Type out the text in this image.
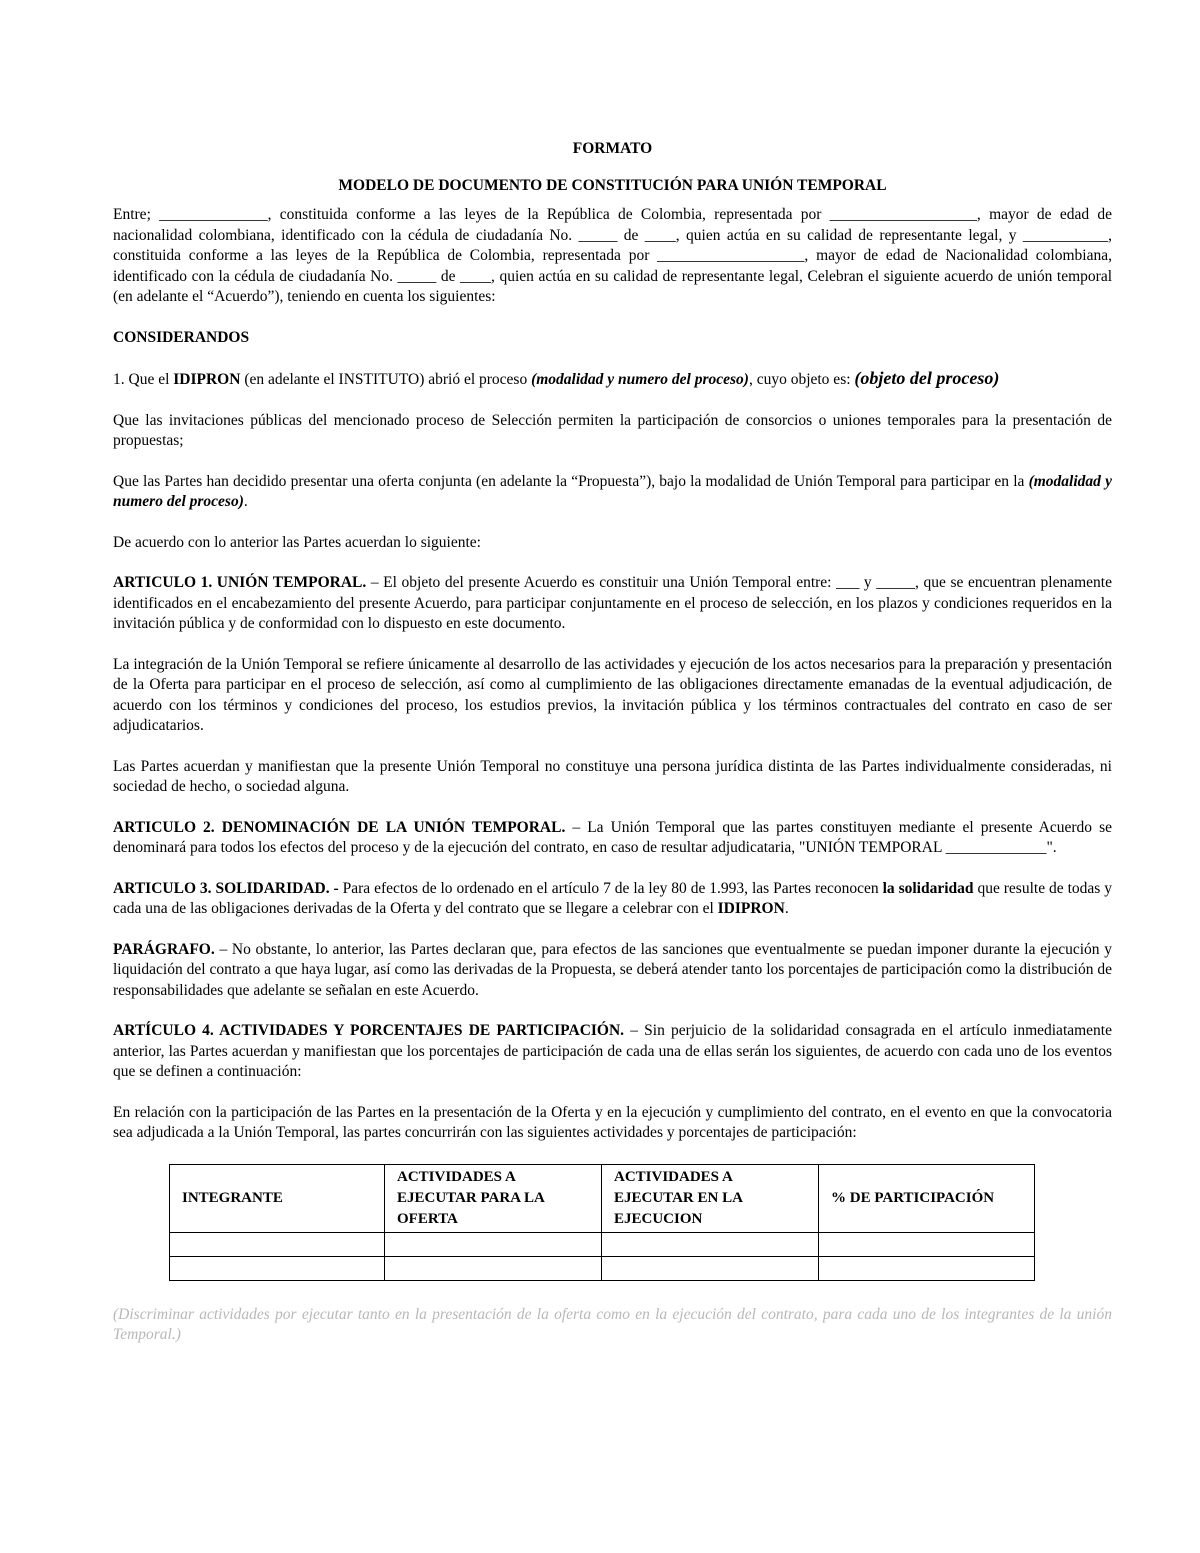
FORMATO
MODELO DE DOCUMENTO DE CONSTITUCIÓN PARA UNIÓN TEMPORAL

Entre; ______________, constituida conforme a las leyes de la República de Colombia, representada por ___________________, mayor de edad de nacionalidad colombiana, identificado con la cédula de ciudadanía No. _____ de ____, quien actúa en su calidad de representante legal, y ___________, constituida conforme a las leyes de la República de Colombia, representada por ___________________, mayor de edad de Nacionalidad colombiana, identificado con la cédula de ciudadanía No. _____ de ____, quien actúa en su calidad de representante legal, Celebran el siguiente acuerdo de unión temporal (en adelante el “Acuerdo”), teniendo en cuenta los siguientes:

CONSIDERANDOS

1. Que el IDIPRON (en adelante el INSTITUTO) abrió el proceso (modalidad y numero del proceso), cuyo objeto es: (objeto del proceso)

Que las invitaciones públicas del mencionado proceso de Selección permiten la participación de consorcios o uniones temporales para la presentación de propuestas;

Que las Partes han decidido presentar una oferta conjunta (en adelante la “Propuesta”), bajo la modalidad de Unión Temporal para participar en la (modalidad y numero del proceso).

De acuerdo con lo anterior las Partes acuerdan lo siguiente:

ARTICULO 1. UNIÓN TEMPORAL. – El objeto del presente Acuerdo es constituir una Unión Temporal entre: ___ y _____, que se encuentran plenamente identificados en el encabezamiento del presente Acuerdo, para participar conjuntamente en el proceso de selección, en los plazos y condiciones requeridos en la invitación pública y de conformidad con lo dispuesto en este documento.

La integración de la Unión Temporal se refiere únicamente al desarrollo de las actividades y ejecución de los actos necesarios para la preparación y presentación de la Oferta para participar en el proceso de selección, así como al cumplimiento de las obligaciones directamente emanadas de la eventual adjudicación, de acuerdo con los términos y condiciones del proceso, los estudios previos, la invitación pública y los términos contractuales del contrato en caso de ser adjudicatarios.

Las Partes acuerdan y manifiestan que la presente Unión Temporal no constituye una persona jurídica distinta de las Partes individualmente consideradas, ni sociedad de hecho, o sociedad alguna.

ARTICULO 2. DENOMINACIÓN DE LA UNIÓN TEMPORAL. – La Unión Temporal que las partes constituyen mediante el presente Acuerdo se denominará para todos los efectos del proceso y de la ejecución del contrato, en caso de resultar adjudicataria, "UNIÓN TEMPORAL _____________".

ARTICULO 3. SOLIDARIDAD. - Para efectos de lo ordenado en el artículo 7 de la ley 80 de 1.993, las Partes reconocen la solidaridad que resulte de todas y cada una de las obligaciones derivadas de la Oferta y del contrato que se llegare a celebrar con el IDIPRON.

PARÁGRAFO. – No obstante, lo anterior, las Partes declaran que, para efectos de las sanciones que eventualmente se puedan imponer durante la ejecución y liquidación del contrato a que haya lugar, así como las derivadas de la Propuesta, se deberá atender tanto los porcentajes de participación como la distribución de responsabilidades que adelante se señalan en este Acuerdo.

ARTÍCULO 4. ACTIVIDADES Y PORCENTAJES DE PARTICIPACIÓN. – Sin perjuicio de la solidaridad consagrada en el artículo inmediatamente anterior, las Partes acuerdan y manifiestan que los porcentajes de participación de cada una de ellas serán los siguientes, de acuerdo con cada uno de los eventos que se definen a continuación:

En relación con la participación de las Partes en la presentación de la Oferta y en la ejecución y cumplimiento del contrato, en el evento en que la convocatoria sea adjudicada a la Unión Temporal, las partes concurrirán con las siguientes actividades y porcentajes de participación:

INTEGRANTE	ACTIVIDADES A EJECUTAR PARA LA OFERTA	ACTIVIDADES A EJECUTAR EN LA EJECUCION	% DE PARTICIPACIÓN

(Discriminar actividades por ejecutar tanto en la presentación de la oferta como en la ejecución del contrato, para cada uno de los integrantes de la unión Temporal.)
